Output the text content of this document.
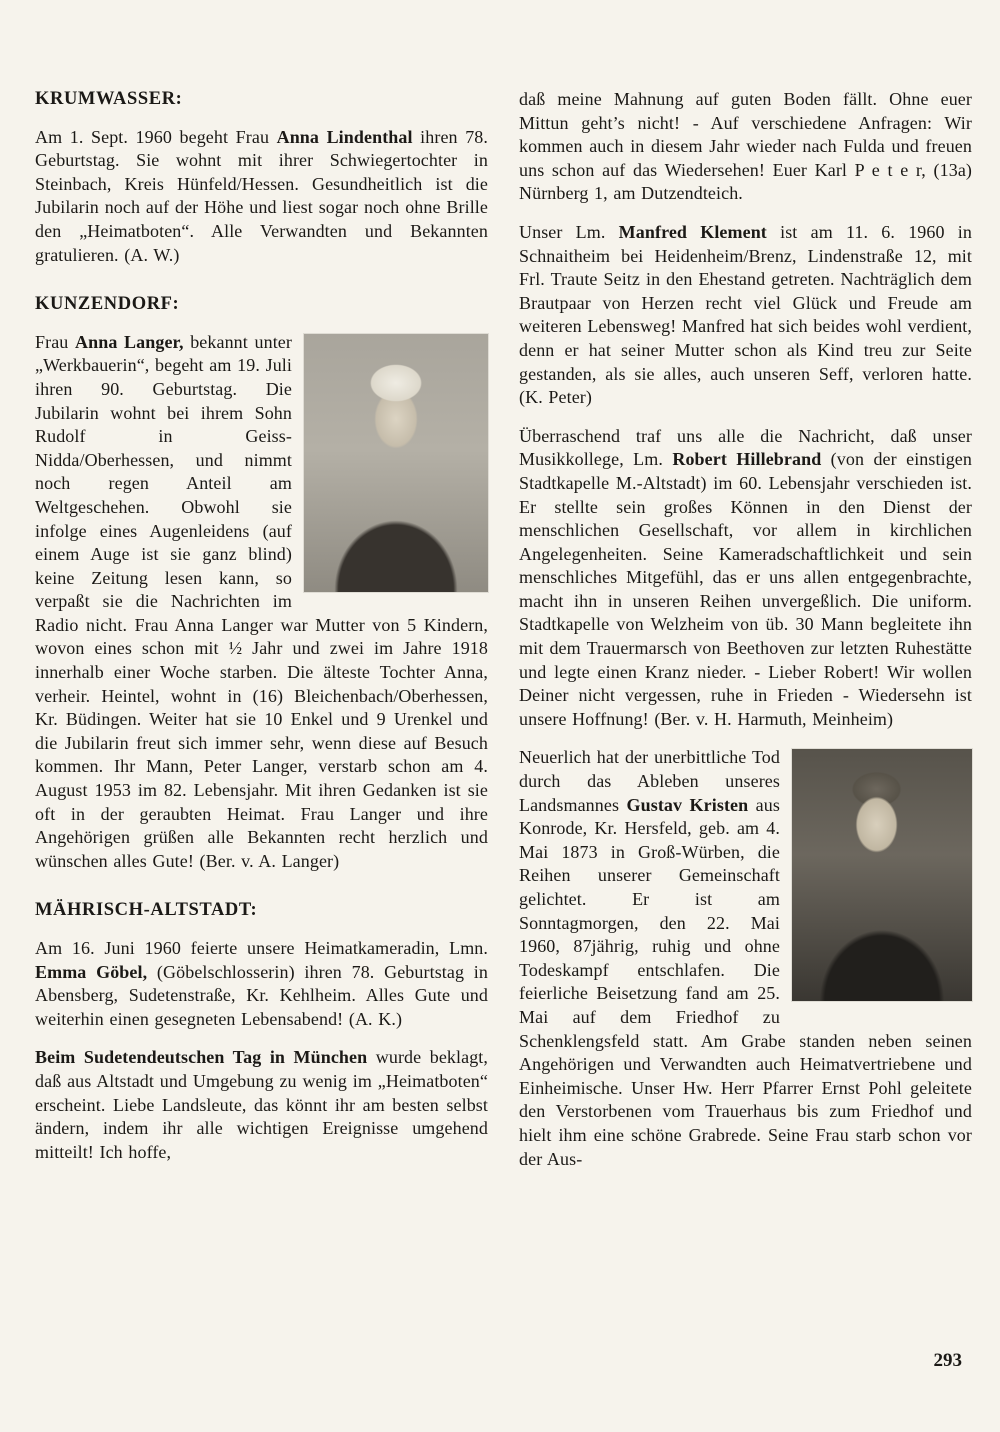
KRUMWASSER:

Am 1. Sept. 1960 begeht Frau Anna Lindenthal ihren 78. Geburtstag. Sie wohnt mit ihrer Schwiegertochter in Steinbach, Kreis Hünfeld/Hessen. Gesundheitlich ist die Jubilarin noch auf der Höhe und liest sogar noch ohne Brille den „Heimatboten“. Alle Verwandten und Bekannten gratulieren. (A. W.)

KUNZENDORF:

Frau Anna Langer, bekannt unter „Werkbauerin“, begeht am 19. Juli ihren 90. Geburtstag. Die Jubilarin wohnt bei ihrem Sohn Rudolf in Geiss-Nidda/Oberhessen, und nimmt noch regen Anteil am Weltgeschehen. Obwohl sie infolge eines Augenleidens (auf einem Auge ist sie ganz blind) keine Zeitung lesen kann, so verpaßt sie die Nachrichten im Radio nicht. Frau Anna Langer war Mutter von 5 Kindern, wovon eines schon mit ½ Jahr und zwei im Jahre 1918 innerhalb einer Woche starben. Die älteste Tochter Anna, verheir. Heintel, wohnt in (16) Bleichenbach/Oberhessen, Kr. Büdingen. Weiter hat sie 10 Enkel und 9 Urenkel und die Jubilarin freut sich immer sehr, wenn diese auf Besuch kommen. Ihr Mann, Peter Langer, verstarb schon am 4. August 1953 im 82. Lebensjahr. Mit ihren Gedanken ist sie oft in der geraubten Heimat. Frau Langer und ihre Angehörigen grüßen alle Bekannten recht herzlich und wünschen alles Gute! (Ber. v. A. Langer)

MÄHRISCH-ALTSTADT:

Am 16. Juni 1960 feierte unsere Heimatkameradin, Lmn. Emma Göbel, (Göbelschlosserin) ihren 78. Geburtstag in Abensberg, Sudetenstraße, Kr. Kehlheim. Alles Gute und weiterhin einen gesegneten Lebensabend! (A. K.)

Beim Sudetendeutschen Tag in München wurde beklagt, daß aus Altstadt und Umgebung zu wenig im „Heimatboten“ erscheint. Liebe Landsleute, das könnt ihr am besten selbst ändern, indem ihr alle wichtigen Ereignisse umgehend mitteilt! Ich hoffe,

daß meine Mahnung auf guten Boden fällt. Ohne euer Mittun geht’s nicht! - Auf verschiedene Anfragen: Wir kommen auch in diesem Jahr wieder nach Fulda und freuen uns schon auf das Wiedersehen! Euer Karl P e t e r, (13a) Nürnberg 1, am Dutzendteich.

Unser Lm. Manfred Klement ist am 11. 6. 1960 in Schnaitheim bei Heidenheim/Brenz, Lindenstraße 12, mit Frl. Traute Seitz in den Ehestand getreten. Nachträglich dem Brautpaar von Herzen recht viel Glück und Freude am weiteren Lebensweg! Manfred hat sich beides wohl verdient, denn er hat seiner Mutter schon als Kind treu zur Seite gestanden, als sie alles, auch unseren Seff, verloren hatte. (K. Peter)

Überraschend traf uns alle die Nachricht, daß unser Musikkollege, Lm. Robert Hillebrand (von der einstigen Stadtkapelle M.-Altstadt) im 60. Lebensjahr verschieden ist. Er stellte sein großes Können in den Dienst der menschlichen Gesellschaft, vor allem in kirchlichen Angelegenheiten. Seine Kameradschaftlichkeit und sein menschliches Mitgefühl, das er uns allen entgegenbrachte, macht ihn in unseren Reihen unvergeßlich. Die uniform. Stadtkapelle von Welzheim von üb. 30 Mann begleitete ihn mit dem Trauermarsch von Beethoven zur letzten Ruhestätte und legte einen Kranz nieder. - Lieber Robert! Wir wollen Deiner nicht vergessen, ruhe in Frieden - Wiedersehn ist unsere Hoffnung! (Ber. v. H. Harmuth, Meinheim)

Neuerlich hat der unerbittliche Tod durch das Ableben unseres Landsmannes Gustav Kristen aus Konrode, Kr. Hersfeld, geb. am 4. Mai 1873 in Groß-Würben, die Reihen unserer Gemeinschaft gelichtet. Er ist am Sonntagmorgen, den 22. Mai 1960, 87jährig, ruhig und ohne Todeskampf entschlafen. Die feierliche Beisetzung fand am 25. Mai auf dem Friedhof zu Schenklengsfeld statt. Am Grabe standen neben seinen Angehörigen und Verwandten auch Heimatvertriebene und Einheimische. Unser Hw. Herr Pfarrer Ernst Pohl geleitete den Verstorbenen vom Trauerhaus bis zum Friedhof und hielt ihm eine schöne Grabrede. Seine Frau starb schon vor der Aus-

293
